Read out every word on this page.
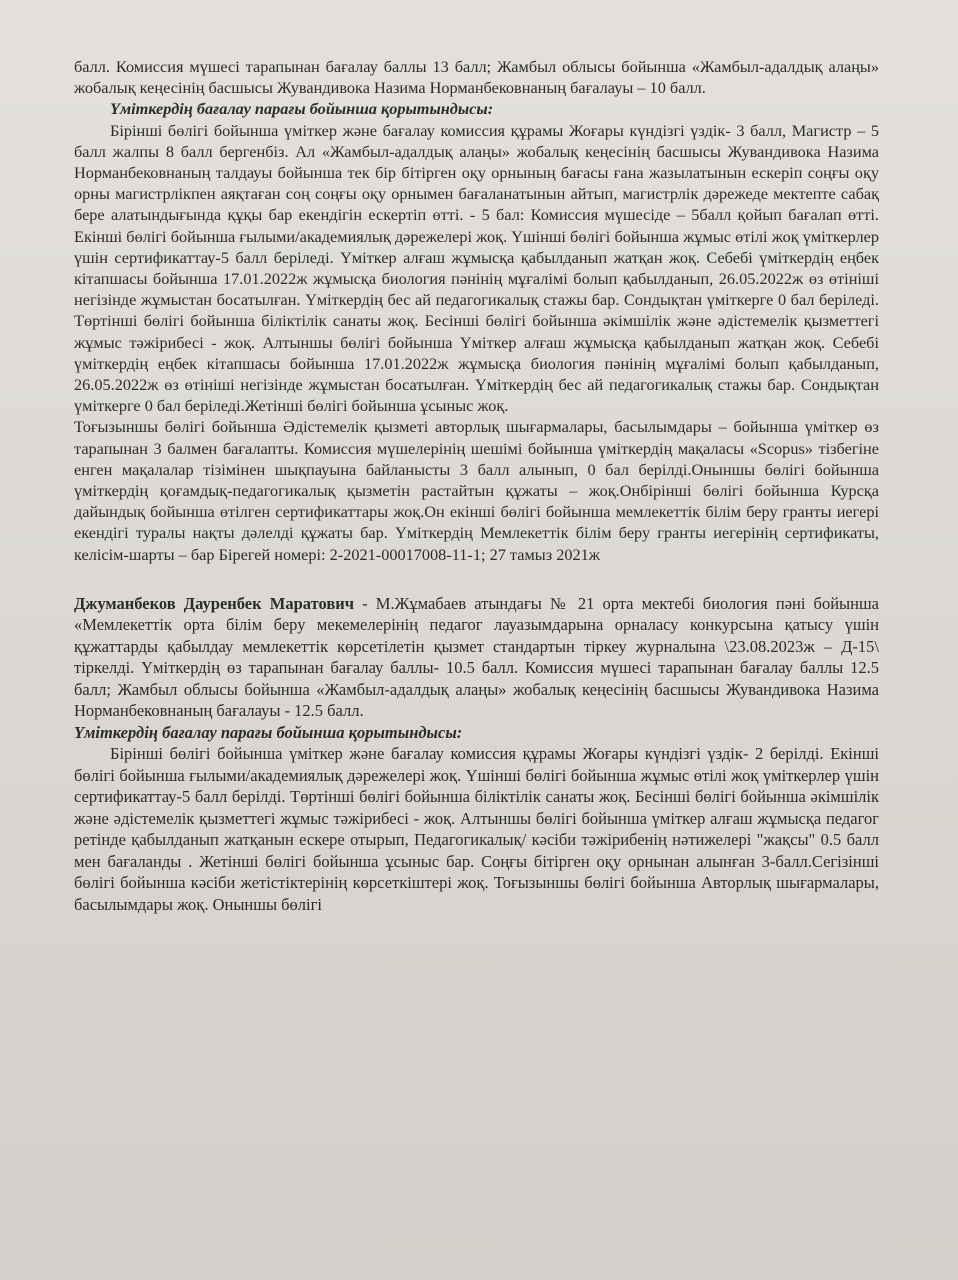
балл. Комиссия мүшесі тарапынан бағалау баллы 13 балл; Жамбыл облысы бойынша «Жамбыл-адалдық алаңы» жобалық кеңесінің басшысы Жувандивока Назима Норманбековнаның бағалауы – 10 балл.

Үміткердің бағалау парағы бойынша қорытындысы:

Бірінші бөлігі бойынша үміткер және бағалау комиссия құрамы Жоғары күндізгі үздік- 3 балл, Магистр – 5 балл жалпы 8 балл бергенбіз. Ал «Жамбыл-адалдық алаңы» жобалық кеңесінің басшысы Жувандивока Назима Норманбековнаның талдауы бойынша тек бір бітірген оқу орнының бағасы ғана жазылатынын ескеріп соңғы оқу орны магистрлікпен аяқтаған соң соңғы оқу орнымен бағаланатынын айтып, магистрлік дәрежеде мектепте сабақ бере алатындығында құқы бар екендігін ескертіп өтті. - 5 бал: Комиссия мүшесіде – 5балл қойып бағалап өтті. Екінші бөлігі бойынша ғылыми/академиялық дәрежелері жоқ. Үшінші бөлігі бойынша жұмыс өтілі жоқ үміткерлер үшін сертификаттау-5 балл беріледі. Үміткер алғаш жұмысқа қабылданып жатқан жоқ. Себебі үміткердің еңбек кітапшасы бойынша 17.01.2022ж жұмысқа биология пәнінің мұғалімі болып қабылданып, 26.05.2022ж өз өтініші негізінде жұмыстан босатылған. Үміткердің бес ай педагогикалық стажы бар. Сондықтан үміткерге 0 бал беріледі. Төртінші бөлігі бойынша біліктілік санаты жоқ. Бесінші бөлігі бойынша әкімшілік және әдістемелік қызметтегі жұмыс тәжірибесі - жоқ. Алтыншы бөлігі бойынша Үміткер алғаш жұмысқа қабылданып жатқан жоқ. Себебі үміткердің еңбек кітапшасы бойынша 17.01.2022ж жұмысқа биология пәнінің мұғалімі болып қабылданып, 26.05.2022ж өз өтініші негізінде жұмыстан босатылған. Үміткердің бес ай педагогикалық стажы бар. Сондықтан үміткерге 0 бал беріледі.Жетінші бөлігі бойынша ұсыныс жоқ.

Тоғызыншы бөлігі бойынша Әдістемелік қызметі авторлық шығармалары, басылымдары – бойынша үміткер өз тарапынан 3 балмен бағалапты. Комиссия мүшелерінің шешімі бойынша үміткердің мақаласы «Scopus» тізбегіне енген мақалалар тізімінен шықпауына байланысты 3 балл алынып, 0 бал берілді.Оныншы бөлігі бойынша үміткердің қоғамдық-педагогикалық қызметін растайтын құжаты – жоқ.Онбірінші бөлігі бойынша Курсқа дайындық бойынша өтілген сертификаттары жоқ.Он екінші бөлігі бойынша мемлекеттік білім беру гранты иегері екендігі туралы нақты дәлелді құжаты бар. Үміткердің Мемлекеттік білім беру гранты иегерінің сертификаты, келісім-шарты – бар Бірегей номері: 2-2021-00017008-11-1; 27 тамыз 2021ж

Джуманбеков Дауренбек Маратович - М.Жұмабаев атындағы № 21 орта мектебі биология пәні бойынша «Мемлекеттік орта білім беру мекемелерінің педагог лауазымдарына орналасу конкурсына қатысу үшін құжаттарды қабылдау мемлекеттік көрсетілетін қызмет стандартын тіркеу журналына \23.08.2023ж – Д-15\ тіркелді. Үміткердің өз тарапынан бағалау баллы- 10.5 балл. Комиссия мүшесі тарапынан бағалау баллы 12.5 балл; Жамбыл облысы бойынша «Жамбыл-адалдық алаңы» жобалық кеңесінің басшысы Жувандивока Назима Норманбековнаның бағалауы - 12.5 балл.

Үміткердің бағалау парағы бойынша қорытындысы:

Бірінші бөлігі бойынша үміткер және бағалау комиссия құрамы Жоғары күндізгі үздік- 2 берілді. Екінші бөлігі бойынша ғылыми/академиялық дәрежелері жоқ. Үшінші бөлігі бойынша жұмыс өтілі жоқ үміткерлер үшін сертификаттау-5 балл берілді. Төртінші бөлігі бойынша біліктілік санаты жоқ. Бесінші бөлігі бойынша әкімшілік және әдістемелік қызметтегі жұмыс тәжірибесі - жоқ. Алтыншы бөлігі бойынша үміткер алғаш жұмысқа педагог ретінде қабылданып жатқанын ескере отырып, Педагогикалық/ кәсіби тәжірибенің нәтижелері "жақсы" 0.5 балл мен бағаланды . Жетінші бөлігі бойынша ұсыныс бар. Соңғы бітірген оқу орнынан алынған 3-балл.Сегізінші бөлігі бойынша кәсіби жетістіктерінің көрсеткіштері жоқ. Тоғызыншы бөлігі бойынша Авторлық шығармалары, басылымдары жоқ. Оныншы бөлігі
